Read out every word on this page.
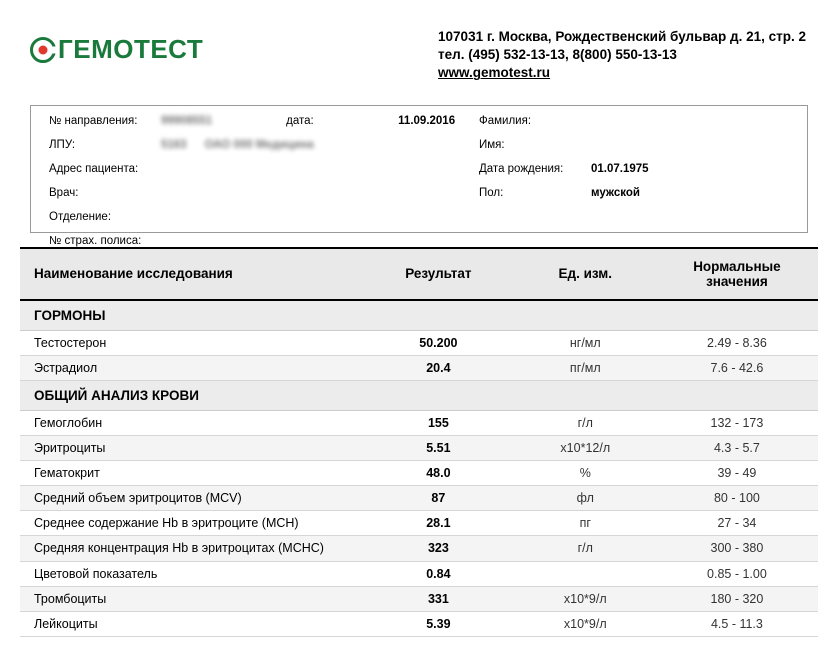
ГЕМОТЕСТ	107031 г. Москва, Рождественский бульвар д. 21, стр. 2
тел. (495) 532-13-13, 8(800) 550-13-13
www.gemotest.ru
№ направления:	99908551	дата:	11.09.2016
ЛПУ:	5163 ОАО 000 Медицина
Адрес пациента:
Врач:
Отделение:
№ страх. полиса:
Фамилия:
Имя:
Дата рождения:	01.07.1975
Пол:	мужской
Наименование исследования	Результат	Ед. изм.	Нормальные
значения

ГОРМОНЫ			
Тестостерон	50.200	нг/мл	2.49 - 8.36
Эстрадиол	20.4	пг/мл	7.6 - 42.6
ОБЩИЙ АНАЛИЗ КРОВИ			
Гемоглобин	155	г/л	132 - 173
Эритроциты	5.51	х10*12/л	4.3 - 5.7
Гематокрит	48.0	%	39 - 49
Средний объем эритроцитов (MCV)	87	фл	80 - 100
Среднее содержание Hb в эритроците (MCH)	28.1	пг	27 - 34
Средняя концентрация Hb в эритроцитах (MCHC)	323	г/л	300 - 380
Цветовой показатель	0.84		0.85 - 1.00
Тромбоциты	331	х10*9/л	180 - 320
Лейкоциты	5.39	х10*9/л	4.5 - 11.3
